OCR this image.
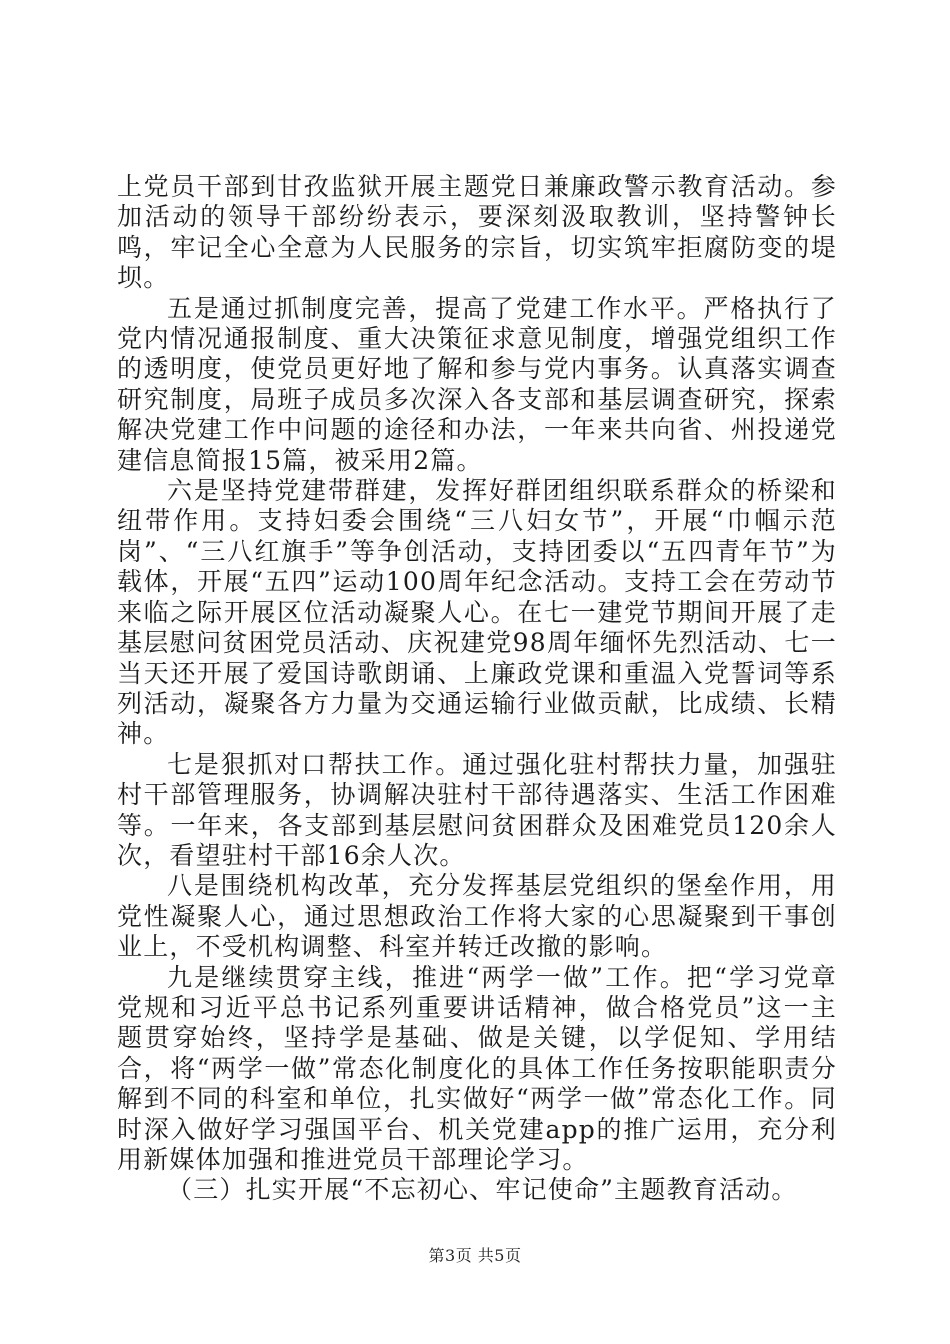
上党员干部到甘孜监狱开展主题党日兼廉政警示教育活动。参加活动的领导干部纷纷表示，要深刻汲取教训，坚持警钟长鸣，牢记全心全意为人民服务的宗旨，切实筑牢拒腐防变的堤坝。

五是通过抓制度完善，提高了党建工作水平。严格执行了党内情况通报制度、重大决策征求意见制度，增强党组织工作的透明度，使党员更好地了解和参与党内事务。认真落实调查研究制度，局班子成员多次深入各支部和基层调查研究，探索解决党建工作中问题的途径和办法，一年来共向省、州投递党建信息简报15篇，被采用2篇。

六是坚持党建带群建，发挥好群团组织联系群众的桥梁和纽带作用。支持妇委会围绕“三八妇女节”，开展“巾帼示范岗”、“三八红旗手”等争创活动，支持团委以“五四青年节”为载体，开展“五四”运动100周年纪念活动。支持工会在劳动节来临之际开展区位活动凝聚人心。在七一建党节期间开展了走基层慰问贫困党员活动、庆祝建党98周年缅怀先烈活动、七一当天还开展了爱国诗歌朗诵、上廉政党课和重温入党誓词等系列活动，凝聚各方力量为交通运输行业做贡献，比成绩、长精神。

七是狠抓对口帮扶工作。通过强化驻村帮扶力量，加强驻村干部管理服务，协调解决驻村干部待遇落实、生活工作困难等。一年来，各支部到基层慰问贫困群众及困难党员120余人次，看望驻村干部16余人次。

八是围绕机构改革，充分发挥基层党组织的堡垒作用，用党性凝聚人心，通过思想政治工作将大家的心思凝聚到干事创业上，不受机构调整、科室并转迁改撤的影响。

九是继续贯穿主线，推进“两学一做”工作。把“学习党章党规和习近平总书记系列重要讲话精神，做合格党员”这一主题贯穿始终，坚持学是基础、做是关键，以学促知、学用结合，将“两学一做”常态化制度化的具体工作任务按职能职责分解到不同的科室和单位，扎实做好“两学一做”常态化工作。同时深入做好学习强国平台、机关党建app的推广运用，充分利用新媒体加强和推进党员干部理论学习。

（三）扎实开展“不忘初心、牢记使命”主题教育活动。

第3页 共5页
